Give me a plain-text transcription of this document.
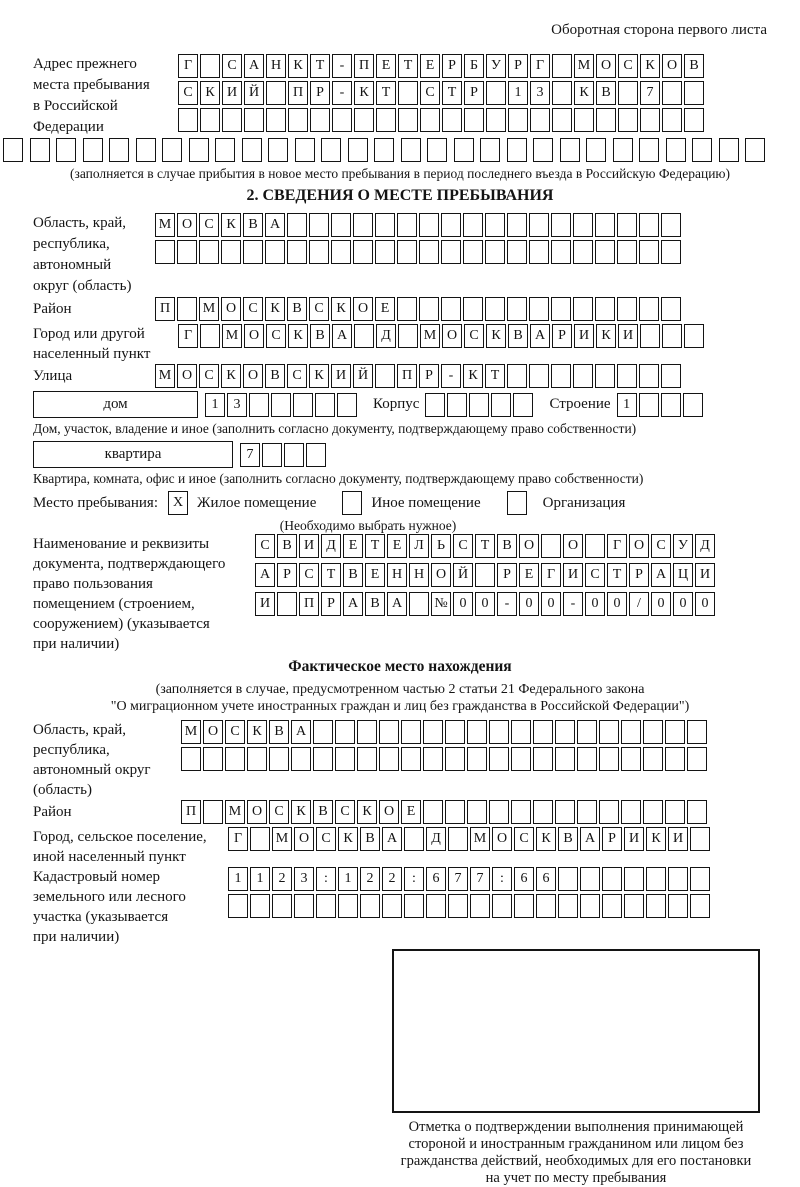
Оборотная сторона первого листа
Адрес прежнего
места пребывания
в Российской
Федерации
Г	С А Н К Т	-	П Е Т Е Р	Б У Р	Г	М О С К О В
С К И Й	П Р	-	К Т	С Т Р	1	3	К В	7
(заполняется в случае прибытия в новое место пребывания в период последнего въезда в Российскую Федерацию)
2. СВЕДЕНИЯ О МЕСТЕ ПРЕБЫВАНИЯ
Область, край,
республика,
автономный
округ (область)
М О С К В А
Район	П	М О С К В С К О Е
Город или другой
населенный пункт
Г	М О С К В А	Д	М О С К В А Р И К И
Улица	М О С К О В С К И Й	П Р	-	К Т
дом	1	3	Корпус	Строение 1
Дом, участок, владение и иное (заполнить согласно документу, подтверждающему право собственности)
квартира	7
Квартира, комната, офис и иное (заполнить согласно документу, подтверждающему право собственности)
Место пребывания:	X Жилое помещение	Иное помещение	Организация
(Необходимо выбрать нужное)
Наименование и реквизиты
документа, подтверждающего
право пользования
помещением (строением,
сооружением) (указывается
при наличии)
С В И Д Е Т Е Л Ь С Т В О	О	Г О С У Д
А Р С Т В Е Н Н О Й	Р Е Г И С Т Р А Ц И
И	П Р А В А	№ 0	0	-	0	0	-	0	0	/	0	0	0
Фактическое место нахождения
(заполняется в случае, предусмотренном частью 2 статьи 21 Федерального закона
"О миграционном учете иностранных граждан и лиц без гражданства в Российской Федерации")
Область, край,
республика,
автономный округ
(область)
М О С К В А
Район	П	М О С К В С К О Е
Город, сельское поселение,
иной населенный пункт
Г	М О С К В А	Д	М О С К В А Р И К И
Кадастровый номер
земельного или лесного
участка (указывается
при наличии)
1	1	2	3	:	1	2	2	:	6	7	7	:	6	6
Отметка о подтверждении выполнения принимающей
стороной и иностранным гражданином или лицом без
гражданства действий, необходимых для его постановки
на учет по месту пребывания
